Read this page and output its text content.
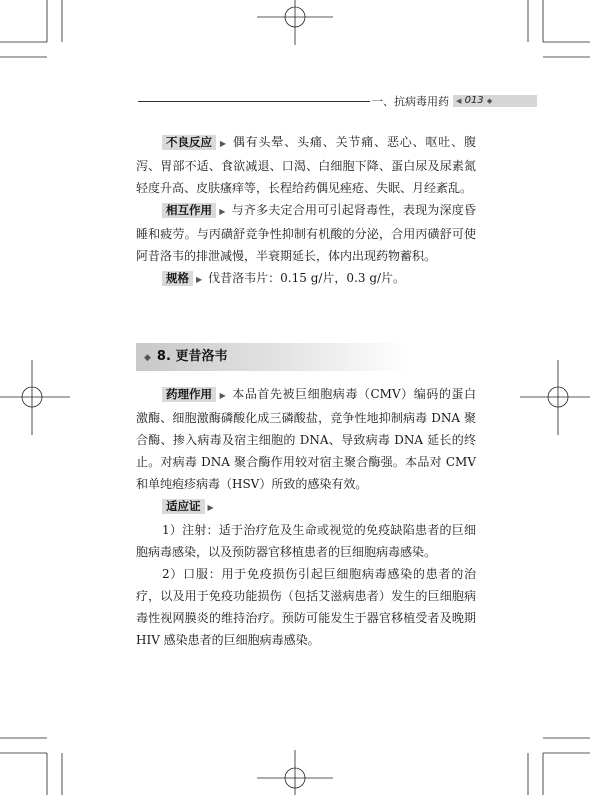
一、抗病毒用药	◀ 013 ◆

不良反应 ▶ 偶有头晕、头痛、关节痛、恶心、呕吐、腹泻、胃部不适、食欲减退、口渴、白细胞下降、蛋白尿及尿素氮轻度升高、皮肤瘙痒等，长程给药偶见痤疮、失眠、月经紊乱。

相互作用 ▶ 与齐多夫定合用可引起肾毒性，表现为深度昏睡和疲劳。与丙磺舒竞争性抑制有机酸的分泌，合用丙磺舒可使阿昔洛韦的排泄减慢，半衰期延长，体内出现药物蓄积。

规格 ▶ 伐昔洛韦片：0.15 g/片，0.3 g/片。

◆ 8. 更昔洛韦

药理作用 ▶ 本品首先被巨细胞病毒（CMV）编码的蛋白激酶、细胞激酶磷酸化成三磷酸盐，竞争性地抑制病毒 DNA 聚合酶、掺入病毒及宿主细胞的 DNA、导致病毒 DNA 延长的终止。对病毒 DNA 聚合酶作用较对宿主聚合酶强。本品对 CMV 和单纯疱疹病毒（HSV）所致的感染有效。

适应证 ▶

1）注射：适于治疗危及生命或视觉的免疫缺陷患者的巨细胞病毒感染，以及预防器官移植患者的巨细胞病毒感染。

2）口服：用于免疫损伤引起巨细胞病毒感染的患者的治疗，以及用于免疫功能损伤（包括艾滋病患者）发生的巨细胞病毒性视网膜炎的维持治疗。预防可能发生于器官移植受者及晚期 HIV 感染患者的巨细胞病毒感染。
